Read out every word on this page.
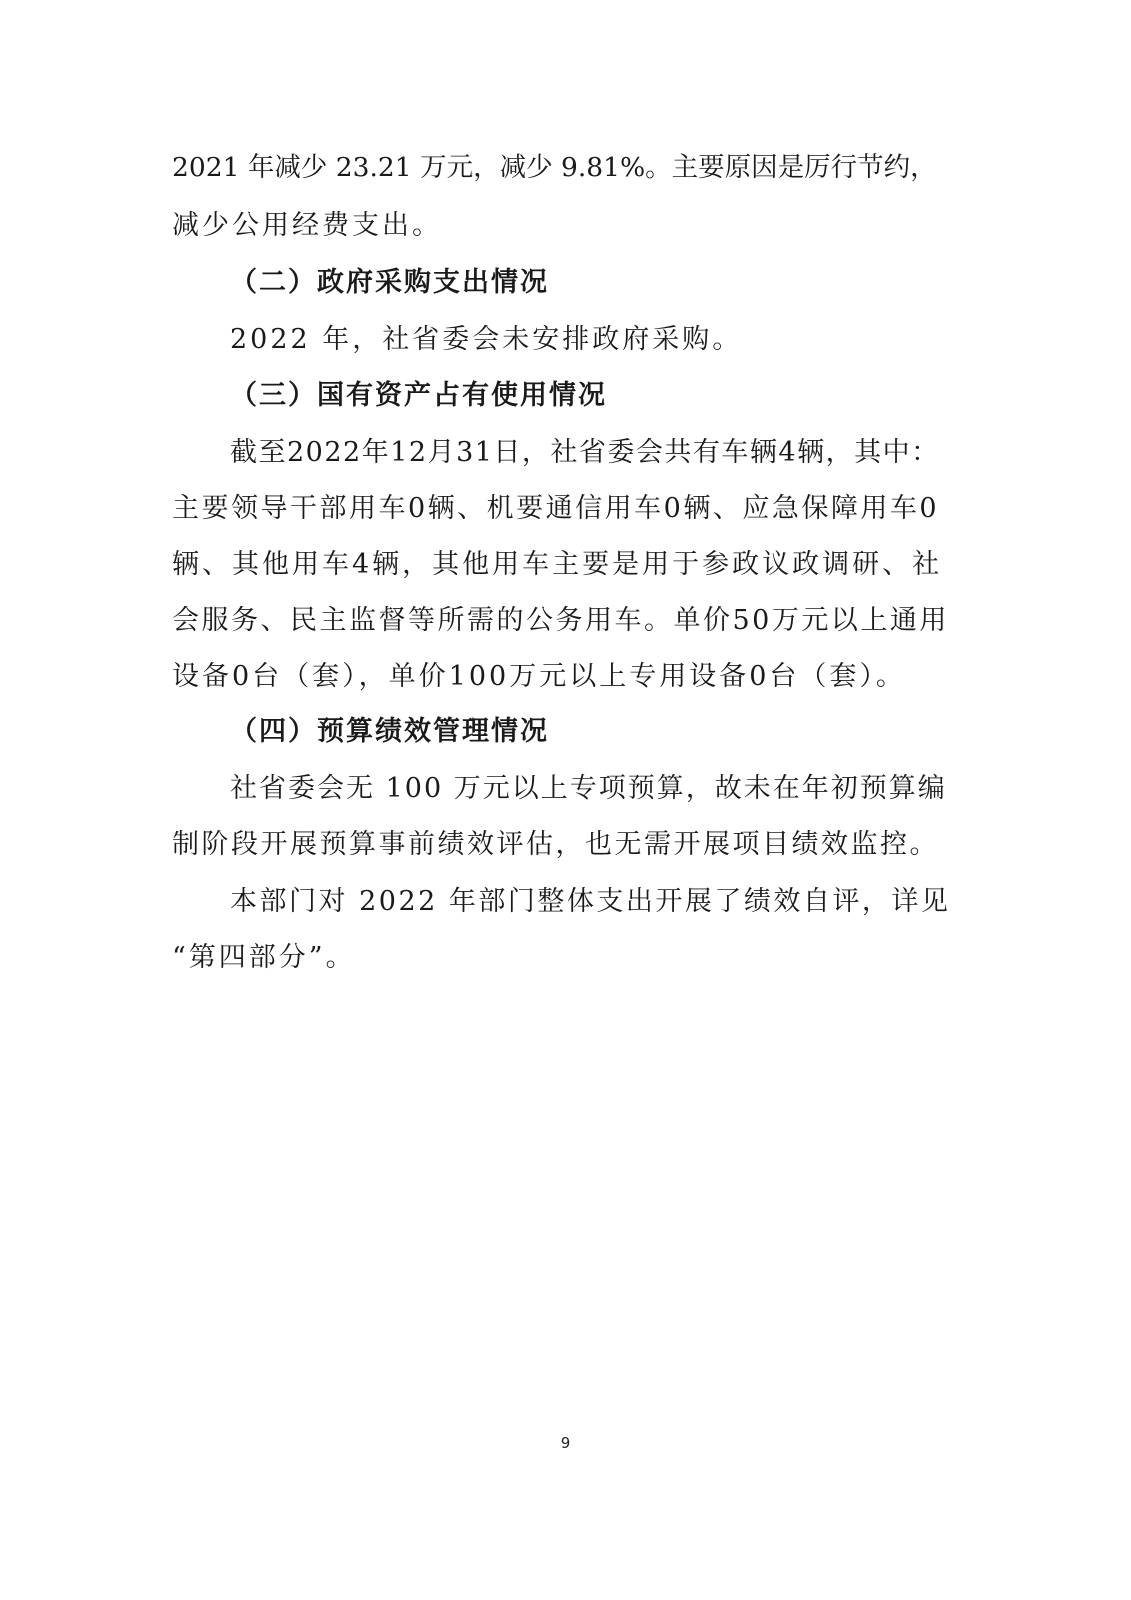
2021 年减少 23.21 万元，减少 9.81%。主要原因是厉行节约，
减少公用经费支出。
（二）政府采购支出情况
2022 年，社省委会未安排政府采购。
（三）国有资产占有使用情况
截至2022年12月31日，社省委会共有车辆4辆，其中：
主要领导干部用车0辆、机要通信用车0辆、应急保障用车0
辆、其他用车4辆，其他用车主要是用于参政议政调研、社
会服务、民主监督等所需的公务用车。单价50万元以上通用
设备0台（套），单价100万元以上专用设备0台（套）。
（四）预算绩效管理情况
社省委会无 100 万元以上专项预算，故未在年初预算编
制阶段开展预算事前绩效评估，也无需开展项目绩效监控。
本部门对 2022 年部门整体支出开展了绩效自评，详见
“第四部分”。
9
